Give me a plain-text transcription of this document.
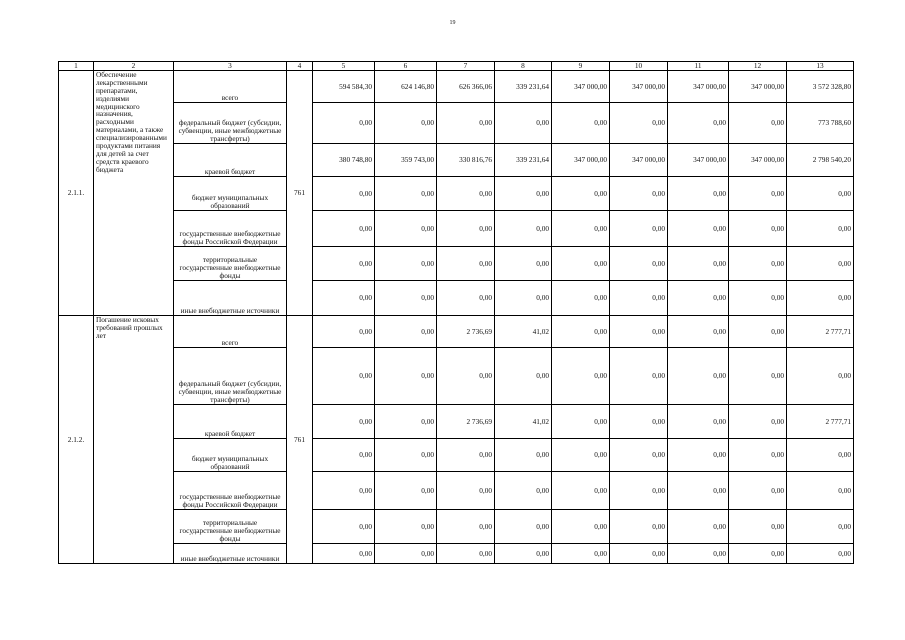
19
1	2	3	4	5	6	7	8	9	10	11	12	13
2.1.1.	Обеспечение лекарственными препаратами, изделиями медицинского назначения, расходными материалами, а также специализированными продуктами питания для детей за счет средств краевого бюджета	всего	761	594 584,30	624 146,80	626 366,06	339 231,64	347 000,00	347 000,00	347 000,00	347 000,00	3 572 328,80
		федеральный бюджет (субсидии, субвенции, иные межбюджетные трансферты)		0,00	0,00	0,00	0,00	0,00	0,00	0,00	0,00	773 788,60
		краевой бюджет		380 748,80	359 743,00	330 816,76	339 231,64	347 000,00	347 000,00	347 000,00	347 000,00	2 798 540,20
		бюджет муниципальных образований		0,00	0,00	0,00	0,00	0,00	0,00	0,00	0,00	0,00
		государственные внебюджетные фонды Российской Федерации		0,00	0,00	0,00	0,00	0,00	0,00	0,00	0,00	0,00
		территориальные государственные внебюджетные фонды		0,00	0,00	0,00	0,00	0,00	0,00	0,00	0,00	0,00
		иные внебюджетные источники		0,00	0,00	0,00	0,00	0,00	0,00	0,00	0,00	0,00
2.1.2.	Погашение исковых требований прошлых лет	всего	761	0,00	0,00	2 736,69	41,02	0,00	0,00	0,00	0,00	2 777,71
		федеральный бюджет (субсидии, субвенции, иные межбюджетные трансферты)		0,00	0,00	0,00	0,00	0,00	0,00	0,00	0,00	0,00
		краевой бюджет		0,00	0,00	2 736,69	41,02	0,00	0,00	0,00	0,00	2 777,71
		бюджет муниципальных образований		0,00	0,00	0,00	0,00	0,00	0,00	0,00	0,00	0,00
		государственные внебюджетные фонды Российской Федерации		0,00	0,00	0,00	0,00	0,00	0,00	0,00	0,00	0,00
		территориальные государственные внебюджетные фонды		0,00	0,00	0,00	0,00	0,00	0,00	0,00	0,00	0,00
		иные внебюджетные источники		0,00	0,00	0,00	0,00	0,00	0,00	0,00	0,00	0,00
